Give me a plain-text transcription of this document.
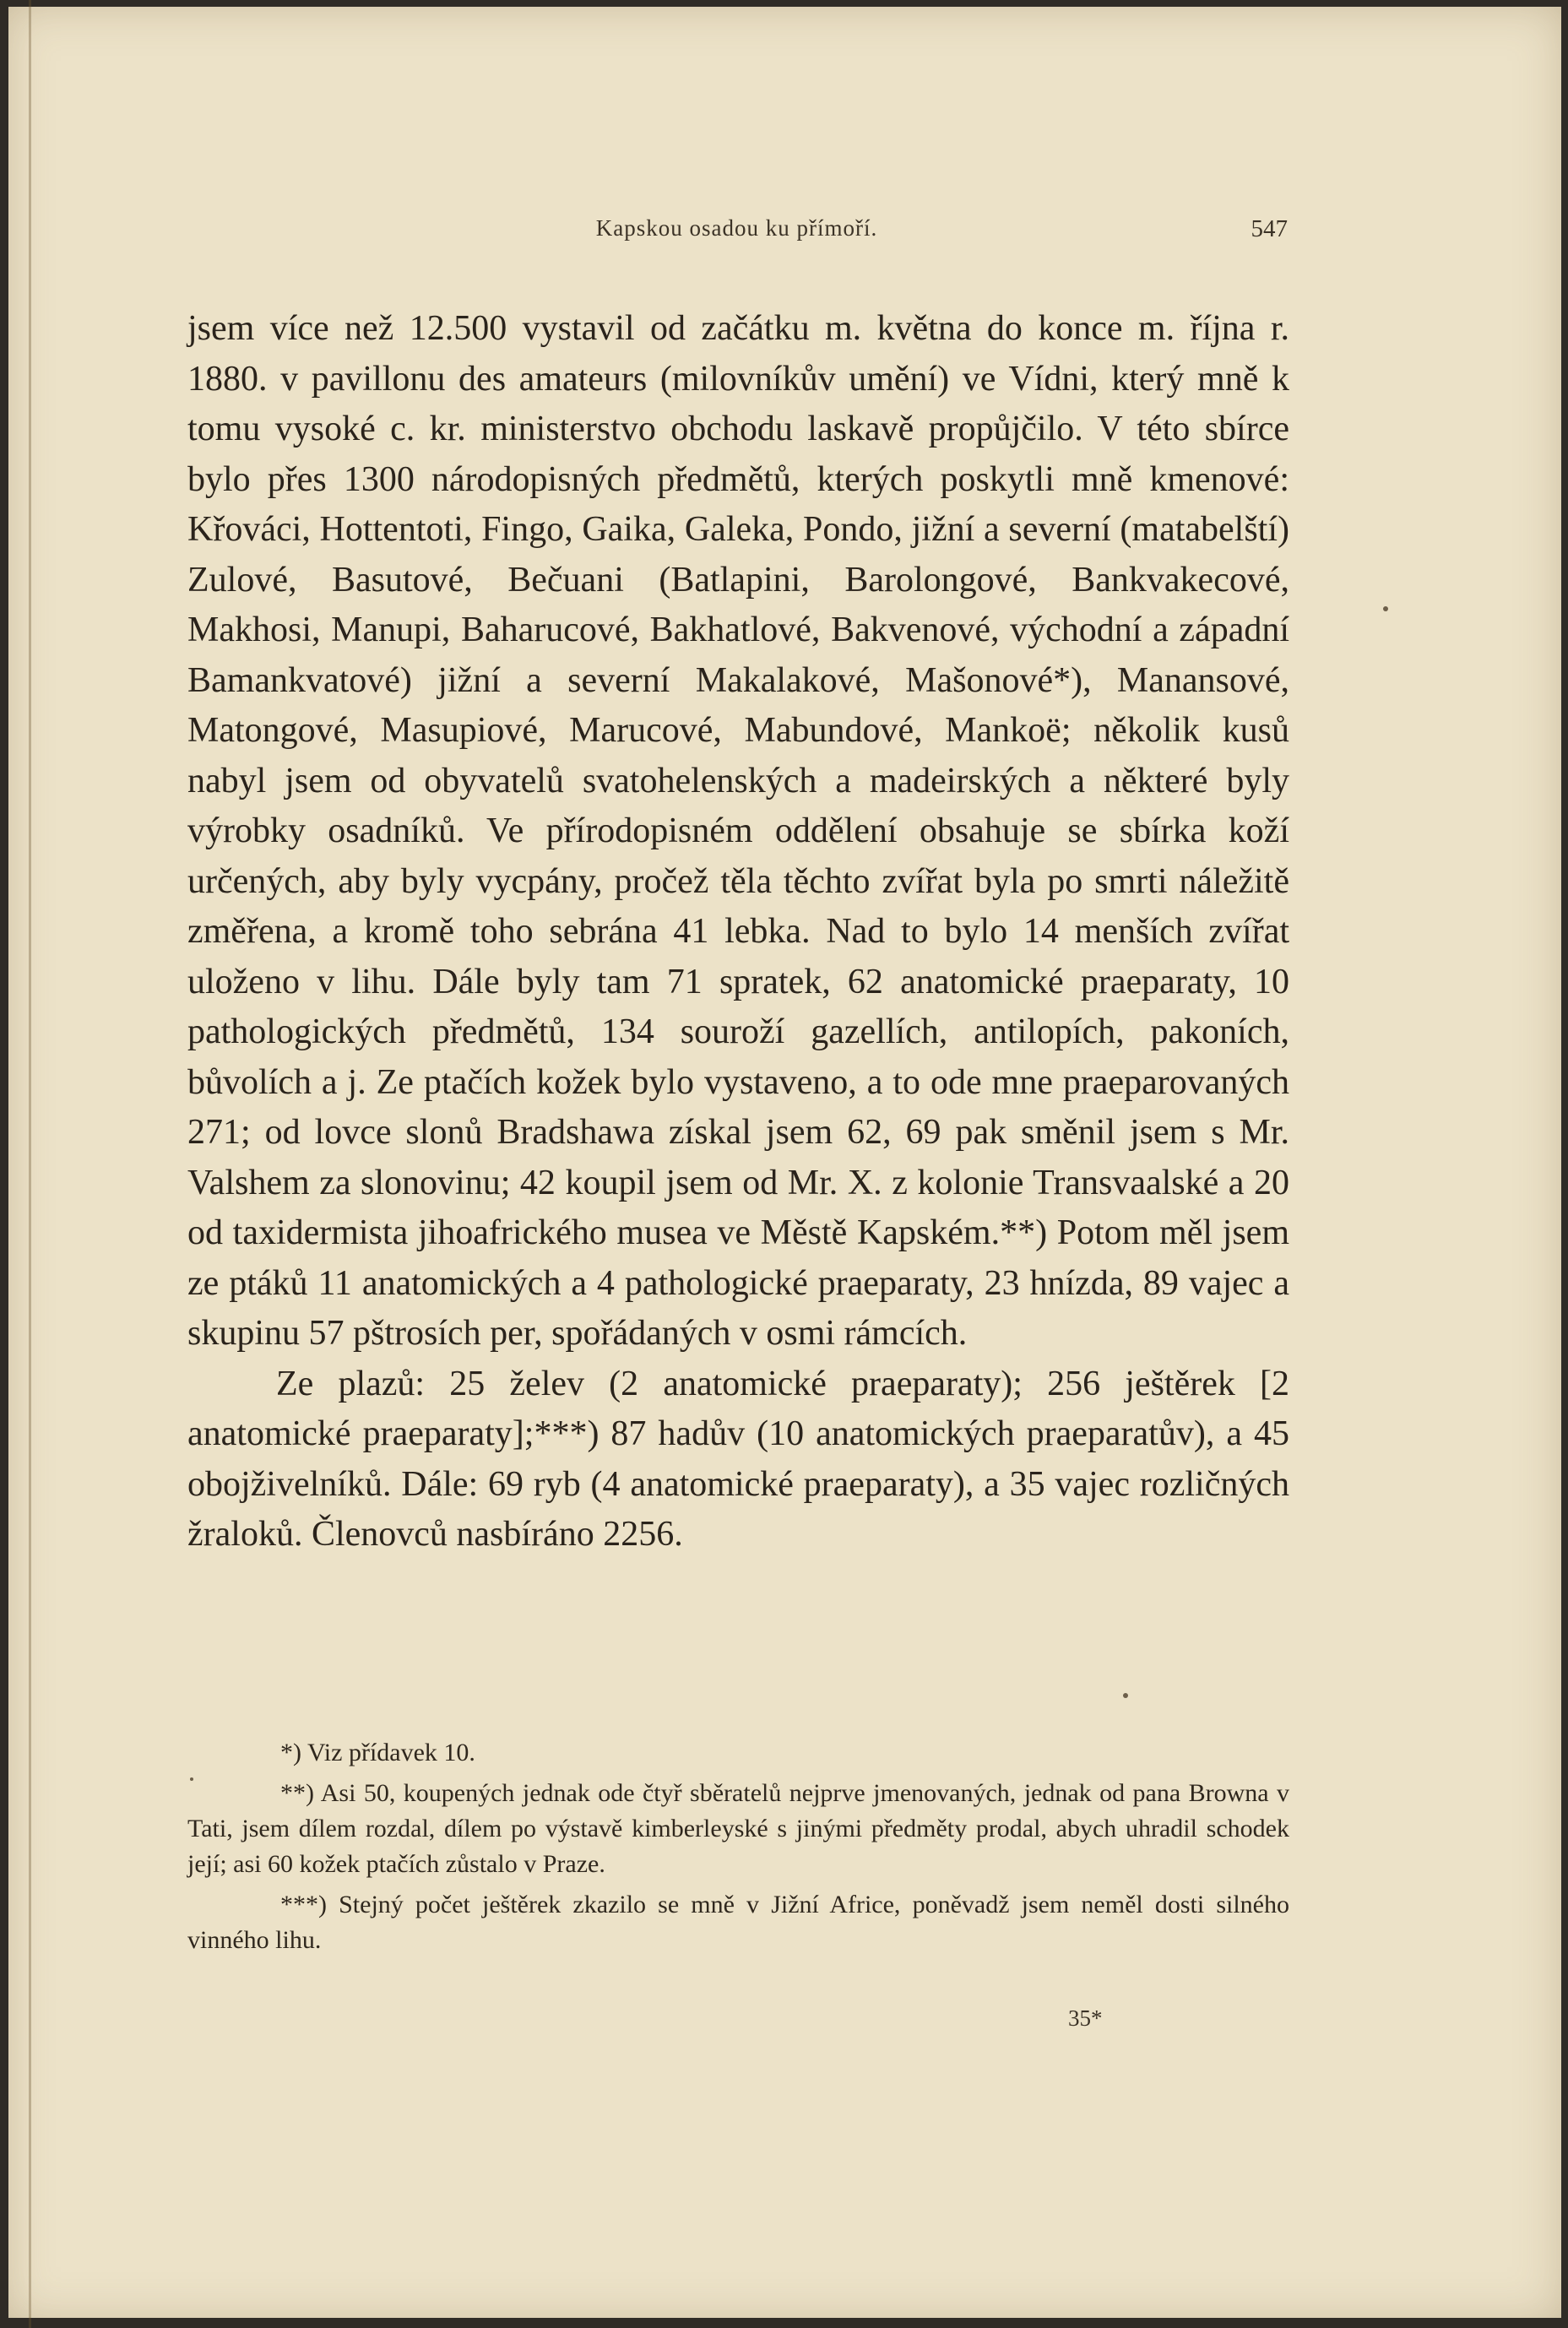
Kapskou osadou ku přímoří.	547

jsem více než 12.500 vystavil od začátku m. května do konce m. října r. 1880. v pavillonu des amateurs (milovníkův umění) ve Vídni, který mně k tomu vysoké c. kr. ministerstvo obchodu laskavě propůjčilo. V této sbírce bylo přes 1300 národopisných předmětů, kterých poskytli mně kmenové: Křováci, Hottentoti, Fingo, Gaika, Galeka, Pondo, jižní a severní (matabelští) Zulové, Basutové, Bečuani (Batlapini, Barolongové, Bankvakecové, Makhosi, Manupi, Baharucové, Bakhatlové, Bakvenové, východní a západní Bamankvatové) jižní a severní Makalakové, Mašonové*), Manansové, Matongové, Masupiové, Marucové, Mabundové, Mankoë; několik kusů nabyl jsem od obyvatelů svatohelenských a madeirských a některé byly výrobky osadníků. Ve přírodopisném oddělení obsahuje se sbírka koží určených, aby byly vycpány, pročež těla těchto zvířat byla po smrti náležitě změřena, a kromě toho sebrána 41 lebka. Nad to bylo 14 menších zvířat uloženo v lihu. Dále byly tam 71 spratek, 62 anatomické praeparaty, 10 pathologických předmětů, 134 souroží gazellích, antilopích, pakoních, bůvolích a j. Ze ptačích kožek bylo vystaveno, a to ode mne praeparovaných 271; od lovce slonů Bradshawa získal jsem 62, 69 pak směnil jsem s Mr. Valshem za slonovinu; 42 koupil jsem od Mr. X. z kolonie Transvaalské a 20 od taxidermista jihoafrického musea ve Městě Kapském.**) Potom měl jsem ze ptáků 11 anatomických a 4 pathologické praeparaty, 23 hnízda, 89 vajec a skupinu 57 pštrosích per, spořádaných v osmi rámcích.

Ze plazů: 25 želev (2 anatomické praeparaty); 256 ještěrek [2 anatomické praeparaty];***) 87 hadův (10 anatomických praeparatův), a 45 obojživelníků. Dále: 69 ryb (4 anatomické praeparaty), a 35 vajec rozličných žraloků. Členovců nasbíráno 2256.

*) Viz přídavek 10.

**) Asi 50, koupených jednak ode čtyř sběratelů nejprve jmenovaných, jednak od pana Browna v Tati, jsem dílem rozdal, dílem po výstavě kimberleyské s jinými předměty prodal, abych uhradil schodek její; asi 60 kožek ptačích zůstalo v Praze.

***) Stejný počet ještěrek zkazilo se mně v Jižní Africe, poněvadž jsem neměl dosti silného vinného lihu.

35*
